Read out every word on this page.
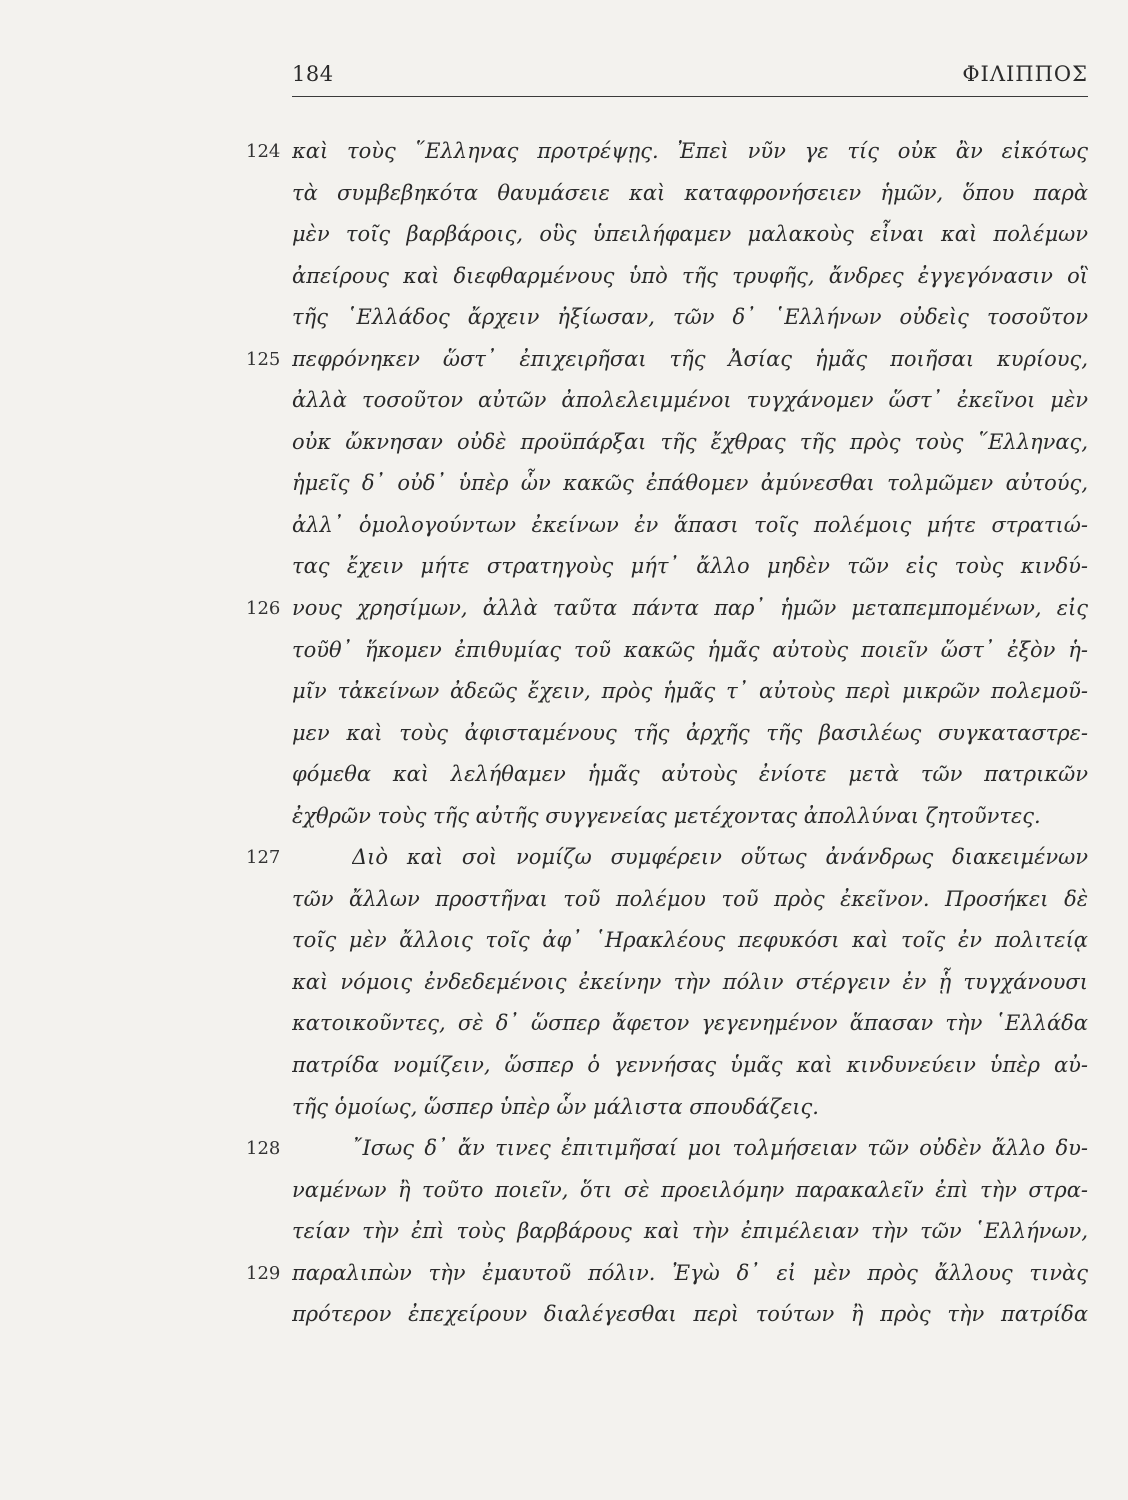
184	ΦΙΛΙΠΠΟΣ
124 καὶ τοὺς ῞Ελληνας προτρέψῃς. Ἐπεὶ νῦν γε τίς οὐκ ἂν εἰκότως
τὰ συμβεβηκότα θαυμάσειε καὶ καταφρονήσειεν ἡμῶν, ὅπου παρὰ
μὲν τοῖς βαρβάροις, οὓς ὑπειλήφαμεν μαλακοὺς εἶναι καὶ πολέμων
ἀπείρους καὶ διεφθαρμένους ὑπὸ τῆς τρυφῆς, ἄνδρες ἐγγεγόνασιν οἳ
τῆς ῾Ελλάδος ἄρχειν ἠξίωσαν, τῶν δ᾽ ῾Ελλήνων οὐδεὶς τοσοῦτον
125 πεφρόνηκεν ὥστ᾽ ἐπιχειρῆσαι τῆς Ἀσίας ἡμᾶς ποιῆσαι κυρίους,
ἀλλὰ τοσοῦτον αὐτῶν ἀπολελειμμένοι τυγχάνομεν ὥστ᾽ ἐκεῖνοι μὲν
οὐκ ὤκνησαν οὐδὲ προϋπάρξαι τῆς ἔχθρας τῆς πρὸς τοὺς ῞Ελληνας,
ἡμεῖς δ᾽ οὐδ᾽ ὑπὲρ ὧν κακῶς ἐπάθομεν ἀμύνεσθαι τολμῶμεν αὐτούς,
ἀλλ᾽ ὁμολογούντων ἐκείνων ἐν ἅπασι τοῖς πολέμοις μήτε στρατιώ-
τας ἔχειν μήτε στρατηγοὺς μήτ᾽ ἄλλο μηδὲν τῶν εἰς τοὺς κινδύ-
126 νους χρησίμων, ἀλλὰ ταῦτα πάντα παρ᾽ ἡμῶν μεταπεμπομένων, εἰς
τοῦθ᾽ ἥκομεν ἐπιθυμίας τοῦ κακῶς ἡμᾶς αὐτοὺς ποιεῖν ὥστ᾽ ἐξὸν ἡ-
μῖν τἀκείνων ἀδεῶς ἔχειν, πρὸς ἡμᾶς τ᾽ αὐτοὺς περὶ μικρῶν πολεμοῦ-
μεν καὶ τοὺς ἀφισταμένους τῆς ἀρχῆς τῆς βασιλέως συγκαταστρε-
φόμεθα καὶ λελήθαμεν ἡμᾶς αὐτοὺς ἐνίοτε μετὰ τῶν πατρικῶν
ἐχθρῶν τοὺς τῆς αὐτῆς συγγενείας μετέχοντας ἀπολλύναι ζητοῦντες.
127	Διὸ καὶ σοὶ νομίζω συμφέρειν οὕτως ἀνάνδρως διακειμένων
τῶν ἄλλων προστῆναι τοῦ πολέμου τοῦ πρὸς ἐκεῖνον. Προσήκει δὲ
τοῖς μὲν ἄλλοις τοῖς ἀφ᾽ ῾Ηρακλέους πεφυκόσι καὶ τοῖς ἐν πολιτείᾳ
καὶ νόμοις ἐνδεδεμένοις ἐκείνην τὴν πόλιν στέργειν ἐν ᾗ τυγχάνουσι
κατοικοῦντες, σὲ δ᾽ ὥσπερ ἄφετον γεγενημένον ἅπασαν τὴν ῾Ελλάδα
πατρίδα νομίζειν, ὥσπερ ὁ γεννήσας ὑμᾶς καὶ κινδυνεύειν ὑπὲρ αὐ-
τῆς ὁμοίως, ὥσπερ ὑπὲρ ὧν μάλιστα σπουδάζεις.
128	῎Ισως δ᾽ ἄν τινες ἐπιτιμῆσαί μοι τολμήσειαν τῶν οὐδὲν ἄλλο δυ-
ναμένων ἢ τοῦτο ποιεῖν, ὅτι σὲ προειλόμην παρακαλεῖν ἐπὶ τὴν στρα-
τείαν τὴν ἐπὶ τοὺς βαρβάρους καὶ τὴν ἐπιμέλειαν τὴν τῶν ῾Ελλήνων,
129 παραλιπὼν τὴν ἐμαυτοῦ πόλιν. Ἐγὼ δ᾽ εἰ μὲν πρὸς ἄλλους τινὰς
πρότερον ἐπεχείρουν διαλέγεσθαι περὶ τούτων ἢ πρὸς τὴν πατρίδα
